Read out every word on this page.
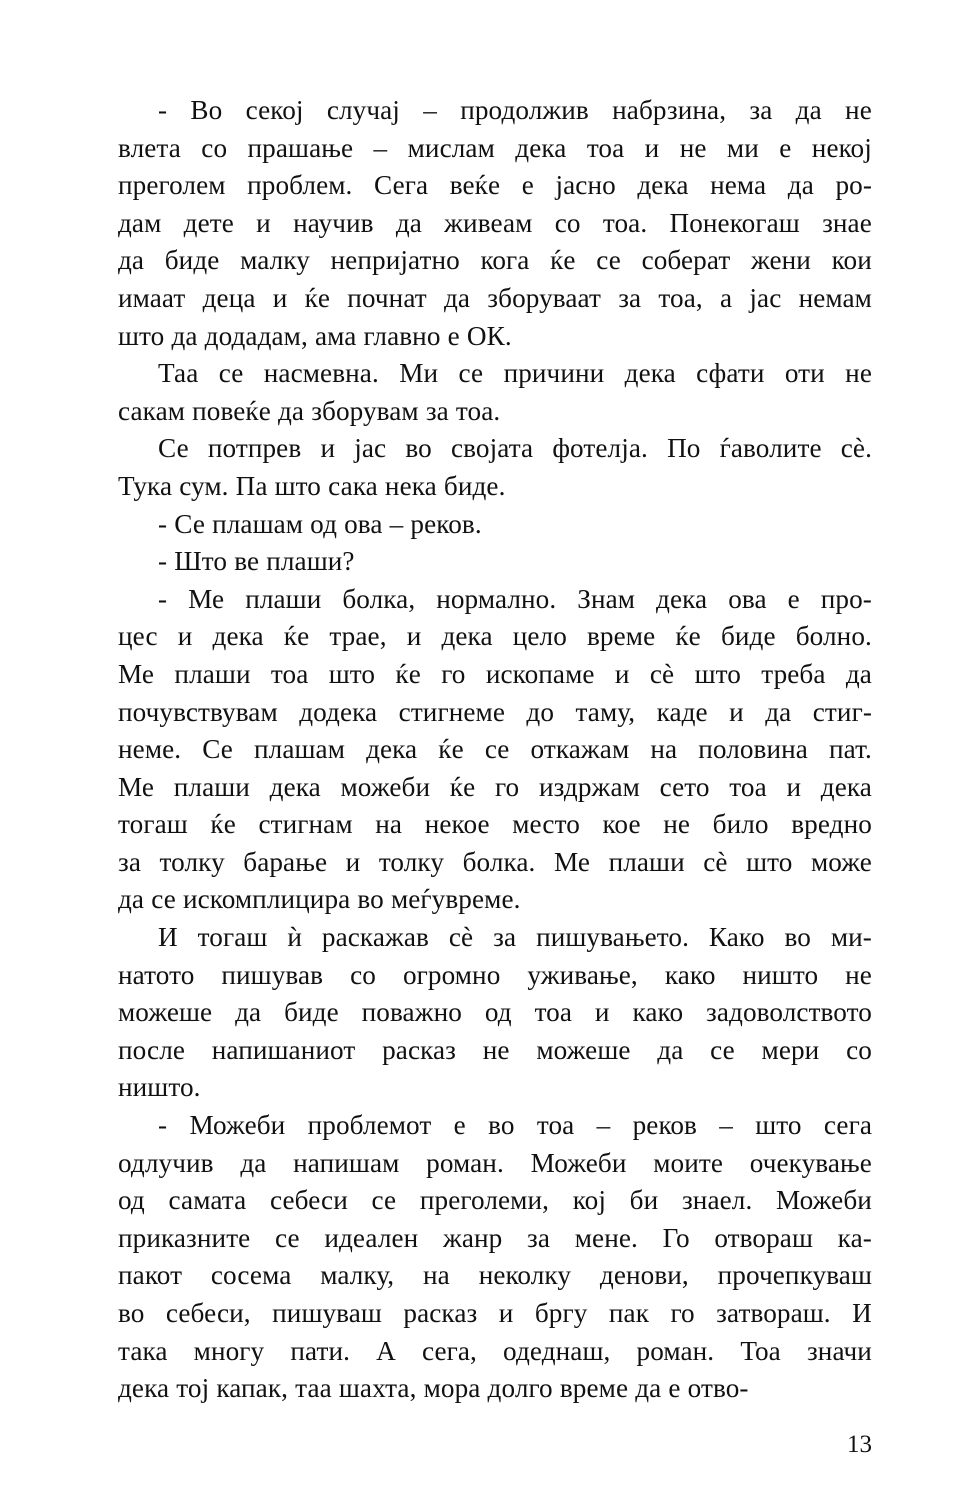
- Во секој случај – продолжив набрзина, за да не
влета со прашање – мислам дека тоа и не ми е некој
преголем проблем. Сега веќе е јасно дека нема да ро-
дам дете и научив да живеам со тоа. Понекогаш знае
да биде малку непријатно кога ќе се соберат жени кои
имаат деца и ќе почнат да зборуваат за тоа, а јас немам
што да додадам, ама главно е ОК.

Таа се насмевна. Ми се причини дека сфати оти не
сакам повеќе да зборувам за тоа.

Се потпрев и јас во својата фотелја. По ѓаволите сѐ.
Тука сум. Па што сака нека биде.

- Се плашам од ова – реков.

- Што ве плаши?

- Ме плаши болка, нормално. Знам дека ова е про-
цес и дека ќе трае, и дека цело време ќе биде болно.
Ме плаши тоа што ќе го ископаме и сѐ што треба да
почувствувам додека стигнеме до таму, каде и да стиг-
неме. Се плашам дека ќе се откажам на половина пат.
Ме плаши дека можеби ќе го издржам сето тоа и дека
тогаш ќе стигнам на некое место кое не било вредно
за толку барање и толку болка. Ме плаши сѐ што може
да се искомплицира во меѓувреме.

И тогаш ѝ раскажав сѐ за пишувањето. Како во ми-
натото пишував со огромно уживање, како ништо не
можеше да биде поважно од тоа и како задоволството
после напишаниот расказ не можеше да се мери со
ништо.

- Можеби проблемот е во тоа – реков – што сега
одлучив да напишам роман. Можеби моите очекување
од самата себеси се преголеми, кој би знаел. Можеби
приказните се идеален жанр за мене. Го отвораш ка-
пакот сосема малку, на неколку денови, прочепкуваш
во себеси, пишуваш расказ и бргу пак го затвораш. И
така многу пати. А сега, одеднаш, роман. Тоа значи
дека тој капак, таа шахта, мора долго време да е отво-

13
